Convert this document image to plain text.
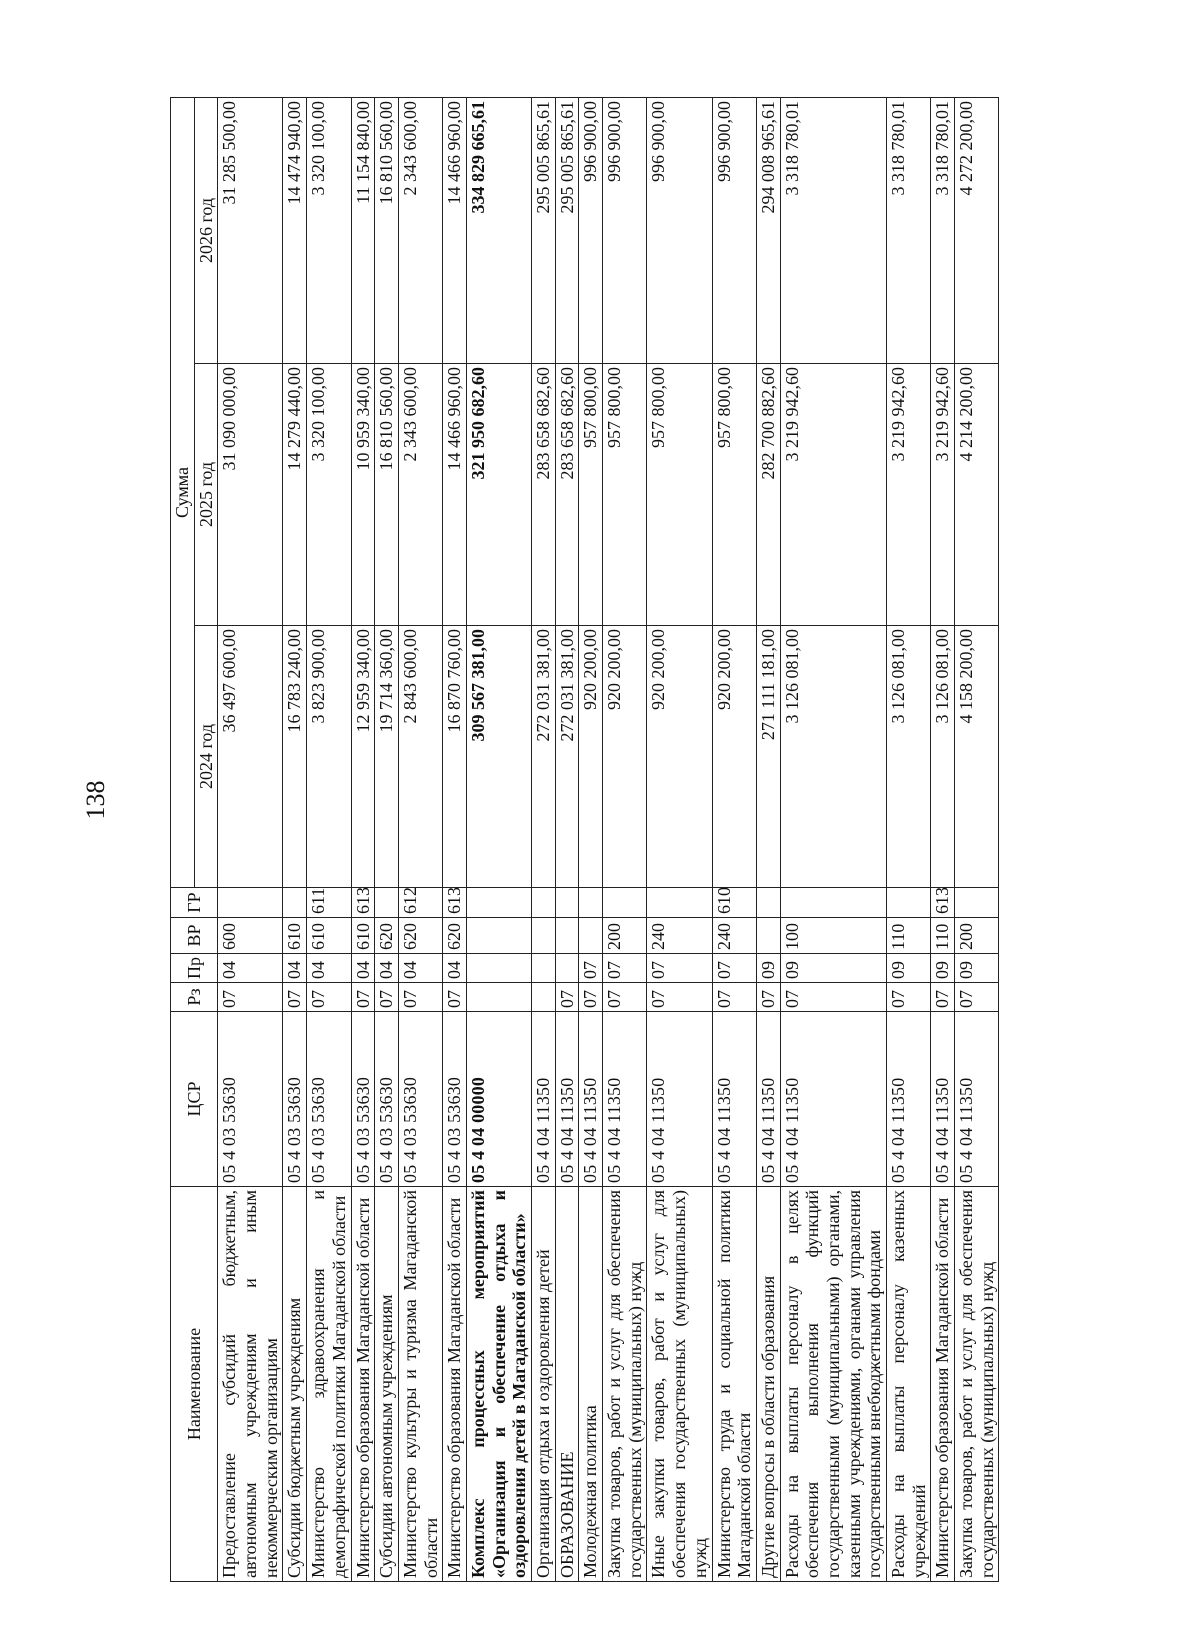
138
Наименование	ЦСР	Рз	Пр	ВР	ГР	Сумма		
						2024 год	2025 год	2026 год
Предоставление субсидий бюджетным, автономным учреждениям и иным некоммерческим организациям	05 4 03 53630	07	04	600		36 497 600,00	31 090 000,00	31 285 500,00
Субсидии бюджетным учреждениям	05 4 03 53630	07	04	610		16 783 240,00	14 279 440,00	14 474 940,00
Министерство здравоохранения и демографической политики Магаданской области	05 4 03 53630	07	04	610	611	3 823 900,00	3 320 100,00	3 320 100,00
Министерство образования Магаданской области	05 4 03 53630	07	04	610	613	12 959 340,00	10 959 340,00	11 154 840,00
Субсидии автономным учреждениям	05 4 03 53630	07	04	620		19 714 360,00	16 810 560,00	16 810 560,00
Министерство культуры и туризма Магаданской области	05 4 03 53630	07	04	620	612	2 843 600,00	2 343 600,00	2 343 600,00
Министерство образования Магаданской области	05 4 03 53630	07	04	620	613	16 870 760,00	14 466 960,00	14 466 960,00
Комплекс процессных мероприятий «Организация и обеспечение отдыха и оздоровления детей в Магаданской области»	05 4 04 00000					309 567 381,00	321 950 682,60	334 829 665,61
Организация отдыха и оздоровления детей	05 4 04 11350					272 031 381,00	283 658 682,60	295 005 865,61
ОБРАЗОВАНИЕ	05 4 04 11350	07				272 031 381,00	283 658 682,60	295 005 865,61
Молодежная политика	05 4 04 11350	07	07			920 200,00	957 800,00	996 900,00
Закупка товаров, работ и услуг для обеспечения государственных (муниципальных) нужд	05 4 04 11350	07	07	200		920 200,00	957 800,00	996 900,00
Иные закупки товаров, работ и услуг для обеспечения государственных (муниципальных) нужд	05 4 04 11350	07	07	240		920 200,00	957 800,00	996 900,00
Министерство труда и социальной политики Магаданской области	05 4 04 11350	07	07	240	610	920 200,00	957 800,00	996 900,00
Другие вопросы в области образования	05 4 04 11350	07	09			271 111 181,00	282 700 882,60	294 008 965,61
Расходы на выплаты персоналу в целях обеспечения выполнения функций государственными (муниципальными) органами, казенными учреждениями, органами управления государственными внебюджетными фондами	05 4 04 11350	07	09	100		3 126 081,00	3 219 942,60	3 318 780,01
Расходы на выплаты персоналу казенных учреждений	05 4 04 11350	07	09	110		3 126 081,00	3 219 942,60	3 318 780,01
Министерство образования Магаданской области	05 4 04 11350	07	09	110	613	3 126 081,00	3 219 942,60	3 318 780,01
Закупка товаров, работ и услуг для обеспечения государственных (муниципальных) нужд	05 4 04 11350	07	09	200		4 158 200,00	4 214 200,00	4 272 200,00
